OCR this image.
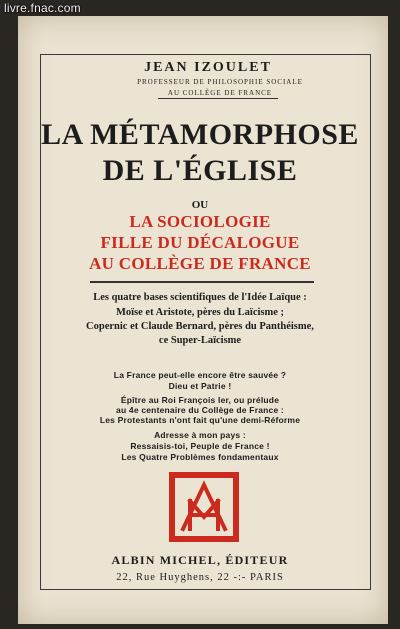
livre.fnac.com
JEAN IZOULET
PROFESSEUR DE PHILOSOPHIE SOCIALE
AU COLLÈGE DE FRANCE
LA MÉTAMORPHOSE
DE L'ÉGLISE
OU
LA SOCIOLOGIE
FILLE DU DÉCALOGUE
AU COLLÈGE DE FRANCE
Les quatre bases scientifiques de l'Idée Laïque :
Moïse et Aristote, pères du Laïcisme ;
Copernic et Claude Bernard, pères du Panthéisme,
ce Super-Laïcisme
La France peut-elle encore être sauvée ?
Dieu et Patrie !
Épître au Roi François Ier, ou prélude
au 4e centenaire du Collège de France :
Les Protestants n'ont fait qu'une demi-Réforme
Adresse à mon pays :
Ressaisis-toi, Peuple de France !
Les Quatre Problèmes fondamentaux
ALBIN MICHEL, ÉDITEUR
22, Rue Huyghens, 22 -:- PARIS
